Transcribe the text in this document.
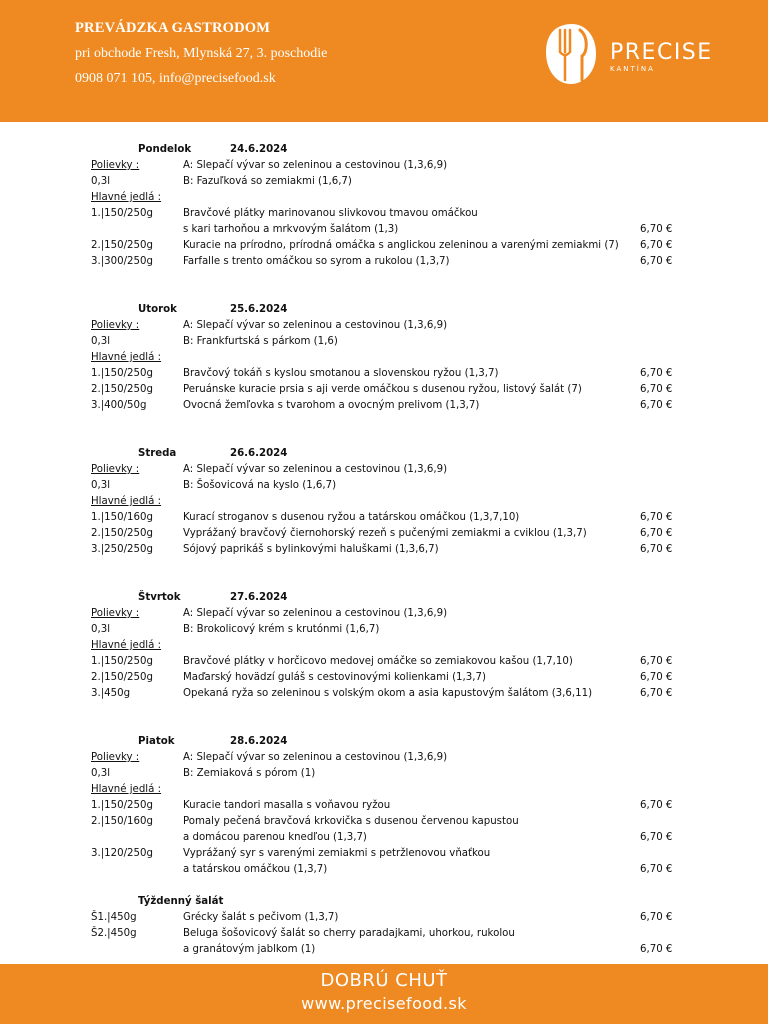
PREVÁDZKA GASTRODOM
pri obchode Fresh, Mlynská 27, 3. poschodie
0908 071 105, info@precisefood.sk
PRECISE
KANTÍNA
Pondelok	24.6.2024
Polievky :	A: Slepačí vývar so zeleninou a cestovinou (1,3,6,9)
0,3l	B: Fazuľková so zemiakmi (1,6,7)
Hlavné jedlá :
1.|150/250g	Bravčové plátky marinovanou slivkovou tmavou omáčkou
s kari tarhoňou a mrkvovým šalátom (1,3)	6,70 €
2.|150/250g	Kuracie na prírodno, prírodná omáčka s anglickou zeleninou a varenými zemiakmi (7) 6,70 €
3.|300/250g	Farfalle s trento omáčkou so syrom a rukolou (1,3,7)	6,70 €
Utorok	25.6.2024
Polievky :	A: Slepačí vývar so zeleninou a cestovinou (1,3,6,9)
0,3l	B: Frankfurtská s párkom (1,6)
Hlavné jedlá :
1.|150/250g	Bravčový tokáň s kyslou smotanou a slovenskou ryžou (1,3,7)	6,70 €
2.|150/250g	Peruánske kuracie prsia s aji verde omáčkou s dusenou ryžou, listový šalát (7)	6,70 €
3.|400/50g	Ovocná žemľovka s tvarohom a ovocným prelivom (1,3,7)	6,70 €
Streda	26.6.2024
Polievky :	A: Slepačí vývar so zeleninou a cestovinou (1,3,6,9)
0,3l	B: Šošovicová na kyslo (1,6,7)
Hlavné jedlá :
1.|150/160g	Kurací stroganov s dusenou ryžou a tatárskou omáčkou (1,3,7,10)	6,70 €
2.|150/250g	Vyprážaný bravčový čiernohorský rezeň s pučenými zemiakmi a cviklou (1,3,7)	6,70 €
3.|250/250g	Sójový paprikáš s bylinkovými haluškami (1,3,6,7)	6,70 €
Štvrtok	27.6.2024
Polievky :	A: Slepačí vývar so zeleninou a cestovinou (1,3,6,9)
0,3l	B: Brokolicový krém s krutónmi (1,6,7)
Hlavné jedlá :
1.|150/250g	Bravčové plátky v horčicovo medovej omáčke so zemiakovou kašou (1,7,10)	6,70 €
2.|150/250g	Maďarský hovädzí guláš s cestovinovými kolienkami (1,3,7)	6,70 €
3.|450g	Opekaná ryža so zeleninou s volským okom a asia kapustovým šalátom (3,6,11)	6,70 €
Piatok	28.6.2024
Polievky :	A: Slepačí vývar so zeleninou a cestovinou (1,3,6,9)
0,3l	B: Zemiaková s pórom (1)
Hlavné jedlá :
1.|150/250g	Kuracie tandori masalla s voňavou ryžou	6,70 €
2.|150/160g	Pomaly pečená bravčová krkovička s dusenou červenou kapustou
a domácou parenou knedľou (1,3,7)	6,70 €
3.|120/250g	Vyprážaný syr s varenými zemiakmi s petržlenovou vňaťkou
a tatárskou omáčkou (1,3,7)	6,70 €
Týždenný šalát
Š1.|450g	Grécky šalát s pečivom (1,3,7)	6,70 €
Š2.|450g	Beluga šošovicový šalát so cherry paradajkami, uhorkou, rukolou
a granátovým jablkom (1)	6,70 €
DOBRÚ CHUŤ
www.precisefood.sk
